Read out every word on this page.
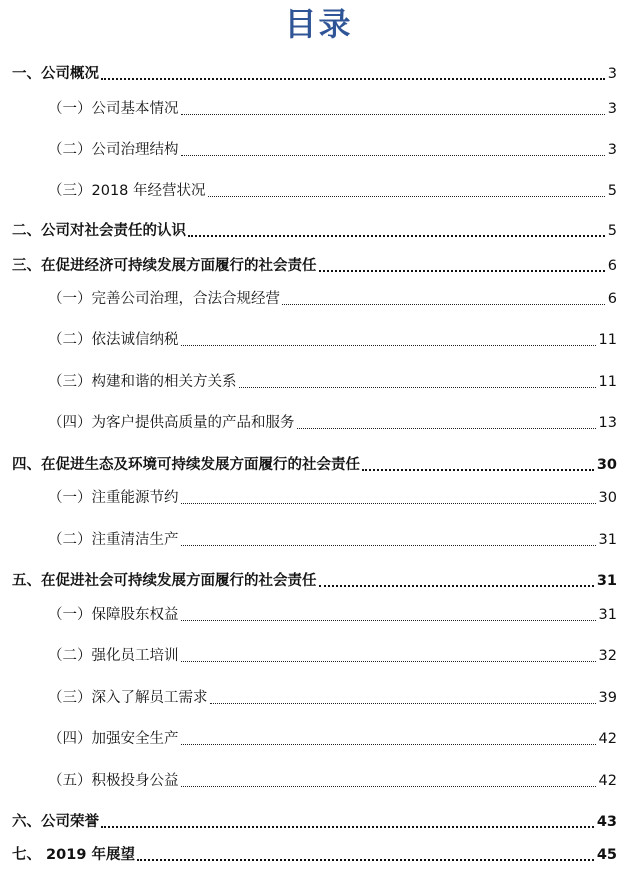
目录
一、公司概况	3
（一）公司基本情况	3
（二）公司治理结构	3
（三）2018 年经营状况	5
二、公司对社会责任的认识	5
三、在促进经济可持续发展方面履行的社会责任	6
（一）完善公司治理，合法合规经营	6
（二）依法诚信纳税	11
（三）构建和谐的相关方关系	11
（四）为客户提供高质量的产品和服务	13
四、在促进生态及环境可持续发展方面履行的社会责任	30
（一）注重能源节约	30
（二）注重清洁生产	31
五、在促进社会可持续发展方面履行的社会责任	31
（一）保障股东权益	31
（二）强化员工培训	32
（三）深入了解员工需求	39
（四）加强安全生产	42
（五）积极投身公益	42
六、公司荣誉	43
七、 2019 年展望	45
